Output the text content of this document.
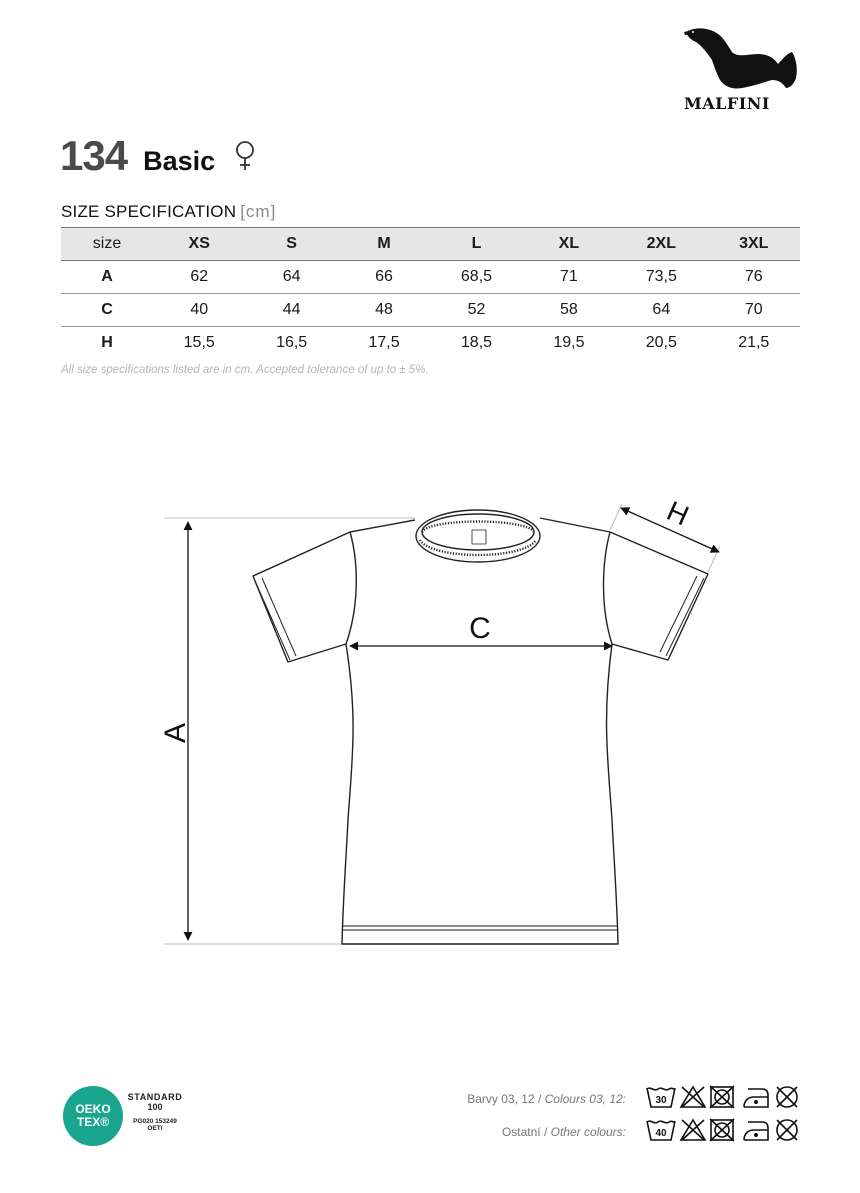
MALFINI
134 Basic
SIZE SPECIFICATION [cm]
size	XS	S	M	L	XL	2XL	3XL
A	62	64	66	68,5	71	73,5	76
C	40	44	48	52	58	64	70
H	15,5	16,5	17,5	18,5	19,5	20,5	21,5
All size specifications listed are in cm. Accepted tolerance of up to ± 5%.
A
C
H
OEKO
TEX®
STANDARD
100
PG020 153249
OETI
Barvy 03, 12 / Colours 03, 12:
Ostatní / Other colours:
30
40
